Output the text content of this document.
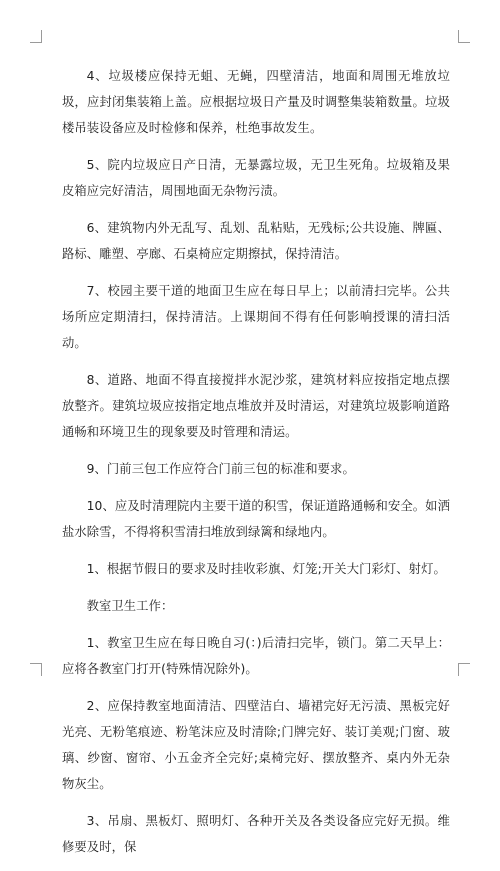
4、垃圾楼应保持无蛆、无蝇，四壁清洁，地面和周围无堆放垃圾，应封闭集装箱上盖。应根据垃圾日产量及时调整集装箱数量。垃圾楼吊装设备应及时检修和保养，杜绝事故发生。

5、院内垃圾应日产日清，无暴露垃圾，无卫生死角。垃圾箱及果皮箱应完好清洁，周围地面无杂物污渍。

6、建筑物内外无乱写、乱划、乱粘贴，无残标;公共设施、牌匾、路标、雕塑、亭廊、石桌椅应定期擦拭，保持清洁。

7、校园主要干道的地面卫生应在每日早上；以前清扫完毕。公共场所应定期清扫，保持清洁。上课期间不得有任何影响授课的清扫活动。

8、道路、地面不得直接搅拌水泥沙浆，建筑材料应按指定地点摆放整齐。建筑垃圾应按指定地点堆放并及时清运，对建筑垃圾影响道路通畅和环境卫生的现象要及时管理和清运。

9、门前三包工作应符合门前三包的标准和要求。

10、应及时清理院内主要干道的积雪，保证道路通畅和安全。如洒盐水除雪，不得将积雪清扫堆放到绿篱和绿地内。

1、根据节假日的要求及时挂收彩旗、灯笼;开关大门彩灯、射灯。

教室卫生工作：

1、教室卫生应在每日晚自习(：)后清扫完毕，锁门。第二天早上：应将各教室门打开(特殊情况除外)。

2、应保持教室地面清洁、四壁洁白、墙裙完好无污渍、黑板完好光亮、无粉笔痕迹、粉笔沫应及时清除;门牌完好、装订美观;门窗、玻璃、纱窗、窗帘、小五金齐全完好;桌椅完好、摆放整齐、桌内外无杂物灰尘。

3、吊扇、黑板灯、照明灯、各种开关及各类设备应完好无损。维修要及时，保
